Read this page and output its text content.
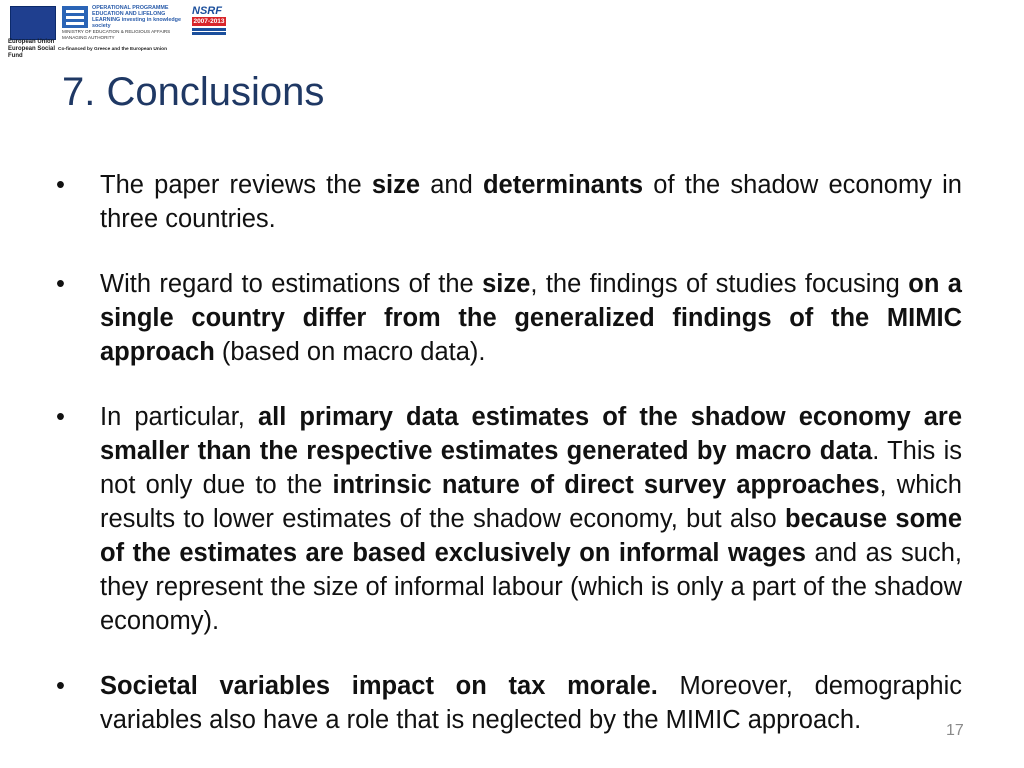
European Union European Social Fund
OPERATIONAL PROGRAMME EDUCATION AND LIFELONG LEARNING investing in knowledge society
MINISTRY OF EDUCATION & RELIGIOUS AFFAIRS MANAGING AUTHORITY
Co-financed by Greece and the European Union
NSRF
2007-2013
7. Conclusions
• The paper reviews the size and determinants of the shadow economy in three countries.
• With regard to estimations of the size, the findings of studies focusing on a single country differ from the generalized findings of the MIMIC approach (based on macro data).
• In particular, all primary data estimates of the shadow economy are smaller than the respective estimates generated by macro data. This is not only due to the intrinsic nature of direct survey approaches, which results to lower estimates of the shadow economy, but also because some of the estimates are based exclusively on informal wages and as such, they represent the size of informal labour (which is only a part of the shadow economy).
• Societal variables impact on tax morale. Moreover, demographic variables also have a role that is neglected by the MIMIC approach.	17
